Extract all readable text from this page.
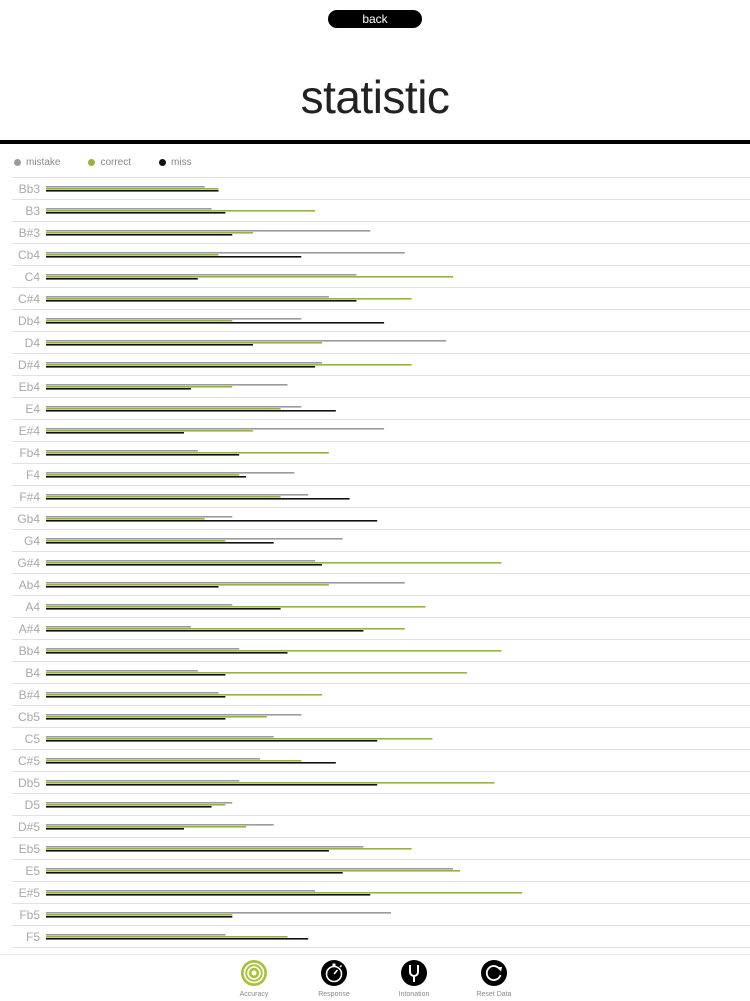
back
statistic
mistake	correct	miss
Bb3
B3
B#3
Cb4
C4
C#4
Db4
D4
D#4
Eb4
E4
E#4
Fb4
F4
F#4
Gb4
G4
G#4
Ab4
A4
A#4
Bb4
B4
B#4
Cb5
C5
C#5
Db5
D5
D#5
Eb5
E5
E#5
Fb5
F5
Accuracy	Response	Intonation	Reset Data
